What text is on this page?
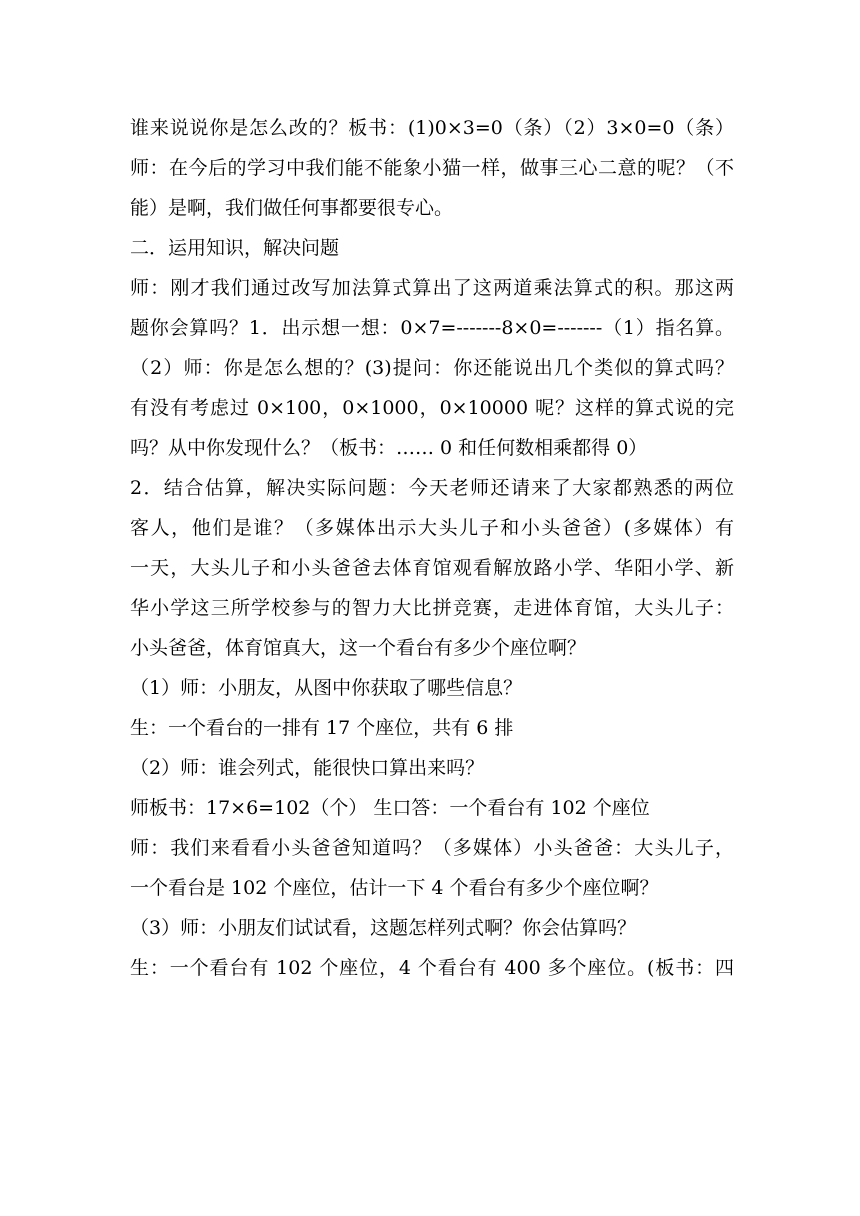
谁来说说你是怎么改的？板书：(1)0×3=0（条）（2）3×0=0（条）
师：在今后的学习中我们能不能象小猫一样，做事三心二意的呢？（不
能）是啊，我们做任何事都要很专心。
二．运用知识，解决问题
师：刚才我们通过改写加法算式算出了这两道乘法算式的积。那这两
题你会算吗？1．出示想一想：0×7=-------8×0=-------（1）指名算。
（2）师：你是怎么想的？(3)提问：你还能说出几个类似的算式吗？
有没有考虑过 0×100，0×1000，0×10000 呢？这样的算式说的完
吗？从中你发现什么？（板书：…… 0 和任何数相乘都得 0）
2．结合估算，解决实际问题：今天老师还请来了大家都熟悉的两位
客人，他们是谁？（多媒体出示大头儿子和小头爸爸）(多媒体）有
一天，大头儿子和小头爸爸去体育馆观看解放路小学、华阳小学、新
华小学这三所学校参与的智力大比拼竞赛，走进体育馆，大头儿子：
小头爸爸，体育馆真大，这一个看台有多少个座位啊？
（1）师：小朋友，从图中你获取了哪些信息？
生：一个看台的一排有 17 个座位，共有 6 排
（2）师：谁会列式，能很快口算出来吗？
师板书：17×6=102（个） 生口答：一个看台有 102 个座位
师：我们来看看小头爸爸知道吗？（多媒体）小头爸爸：大头儿子，
一个看台是 102 个座位，估计一下 4 个看台有多少个座位啊？
（3）师：小朋友们试试看，这题怎样列式啊？你会估算吗？
生：一个看台有 102 个座位，4 个看台有 400 多个座位。(板书：四
